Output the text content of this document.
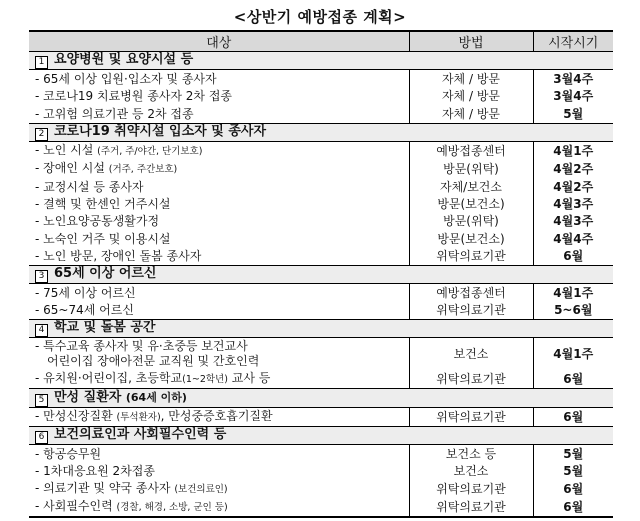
<상반기 예방접종 계획>
대상	방법	시작시기
1 요양병원 및 요양시설 등		
- 65세 이상 입원·입소자 및 종사자	자체 / 방문	3월4주
- 코로나19 치료병원 종사자 2차 접종	자체 / 방문	3월4주
- 고위험 의료기관 등 2차 접종	자체 / 방문	5월
2 코로나19 취약시설 입소자 및 종사자		
- 노인 시설 (주거, 주/야간, 단기보호)	예방접종센터	4월1주
- 장애인 시설 (거주, 주간보호)	방문(위탁)	4월2주
- 교정시설 등 종사자	자체/보건소	4월2주
- 결핵 및 한센인 거주시설	방문(보건소)	4월3주
- 노인요양공동생활가정	방문(위탁)	4월3주
- 노숙인 거주 및 이용시설	방문(보건소)	4월4주
- 노인 방문, 장애인 돌봄 종사자	위탁의료기관	6월
3 65세 이상 어르신		
- 75세 이상 어르신	예방접종센터	4월1주
- 65~74세 어르신	위탁의료기관	5~6월
4 학교 및 돌봄 공간		

- 특수교육 종사자 및 유·초중등 보건교사
어린이집 장애아전문 교직원 및 간호인력	보건소	4월1주
- 유치원·어린이집, 초등학교(1~2학년) 교사 등	위탁의료기관	6월
5 만성 질환자 (64세 이하)		
- 만성신장질환 (투석환자), 만성중증호흡기질환	위탁의료기관	6월
6 보건의료인과 사회필수인력 등		
- 항공승무원	보건소 등	5월
- 1차대응요원 2차접종	보건소	5월
- 의료기관 및 약국 종사자 (보건의료인)	위탁의료기관	6월
- 사회필수인력 (경찰, 해경, 소방, 군인 등)	위탁의료기관	6월
